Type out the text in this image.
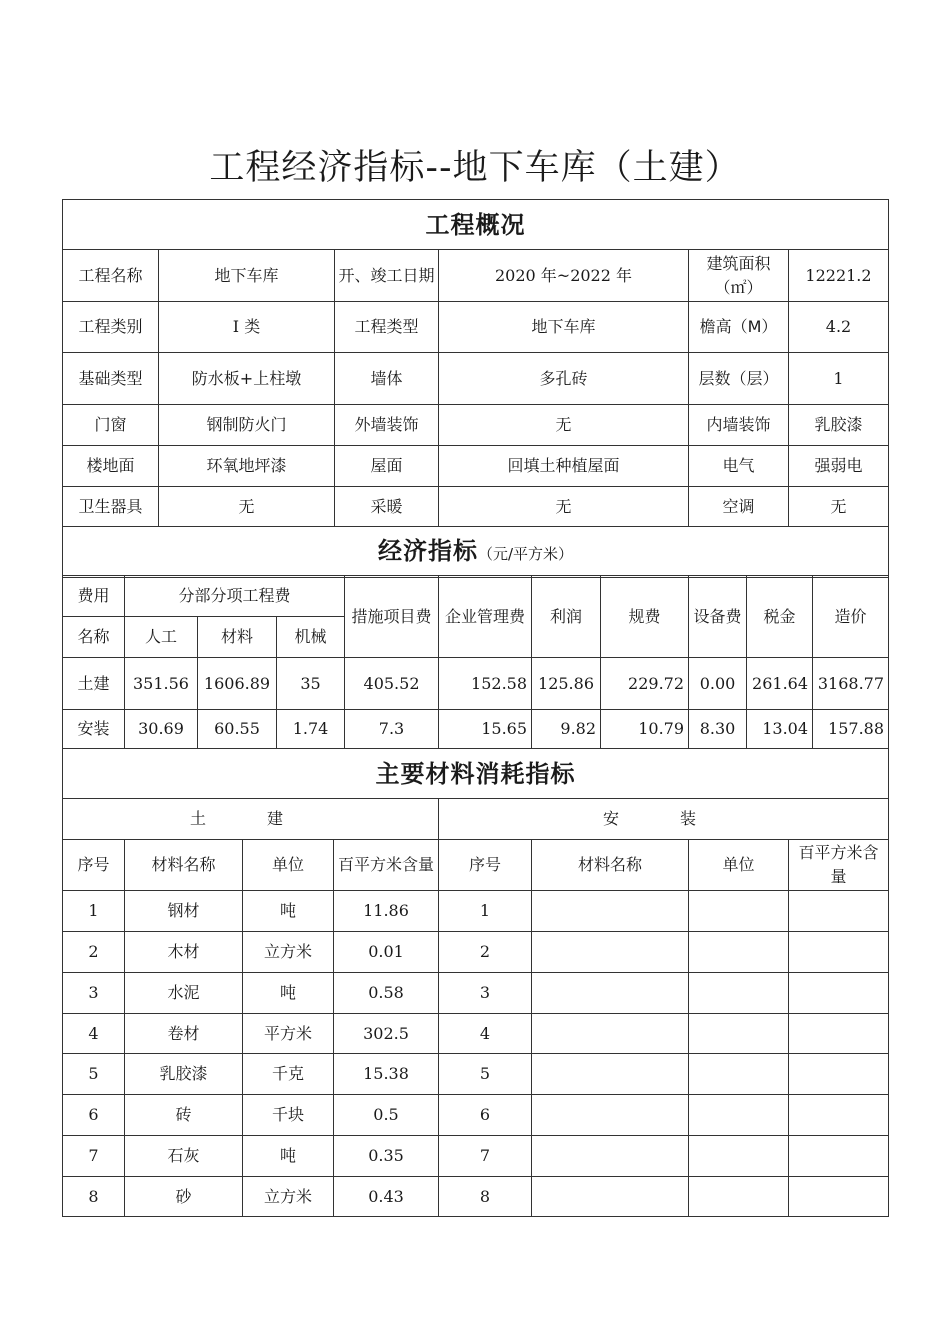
工程经济指标--地下车库（土建）
工程概况					
工程名称	地下车库	开、竣工日期	2020 年~2022 年	建筑面积（㎡）	12221.2
工程类别	I 类	工程类型	地下车库	檐高（M）	4.2
基础类型	防水板+上柱墩	墙体	多孔砖	层数（层）	1
门窗	钢制防火门	外墙装饰	无	内墙装饰	乳胶漆
楼地面	环氧地坪漆	屋面	回填土种植屋面	电气	强弱电
卫生器具	无	采暖	无	空调	无
经济指标（元/平方米）					
费用	分部分项工程费			措施项目费	企业管理费	利润	规费	设备费	税金	造价
名称	人工	材料	机械							
土建	351.56	1606.89	35	405.52	152.58	125.86	229.72	0.00	261.64	3168.77
安装	30.69	60.55	1.74	7.3	15.65	9.82	10.79	8.30	13.04	157.88
主要材料消耗指标							
土 建				安 装			
序号	材料名称	单位	百平方米含量	序号	材料名称	单位	百平方米含量
1	钢材	吨	11.86	1			
2	木材	立方米	0.01	2			
3	水泥	吨	0.58	3			
4	卷材	平方米	302.5	4			
5	乳胶漆	千克	15.38	5			
6	砖	千块	0.5	6			
7	石灰	吨	0.35	7			
8	砂	立方米	0.43	8			
